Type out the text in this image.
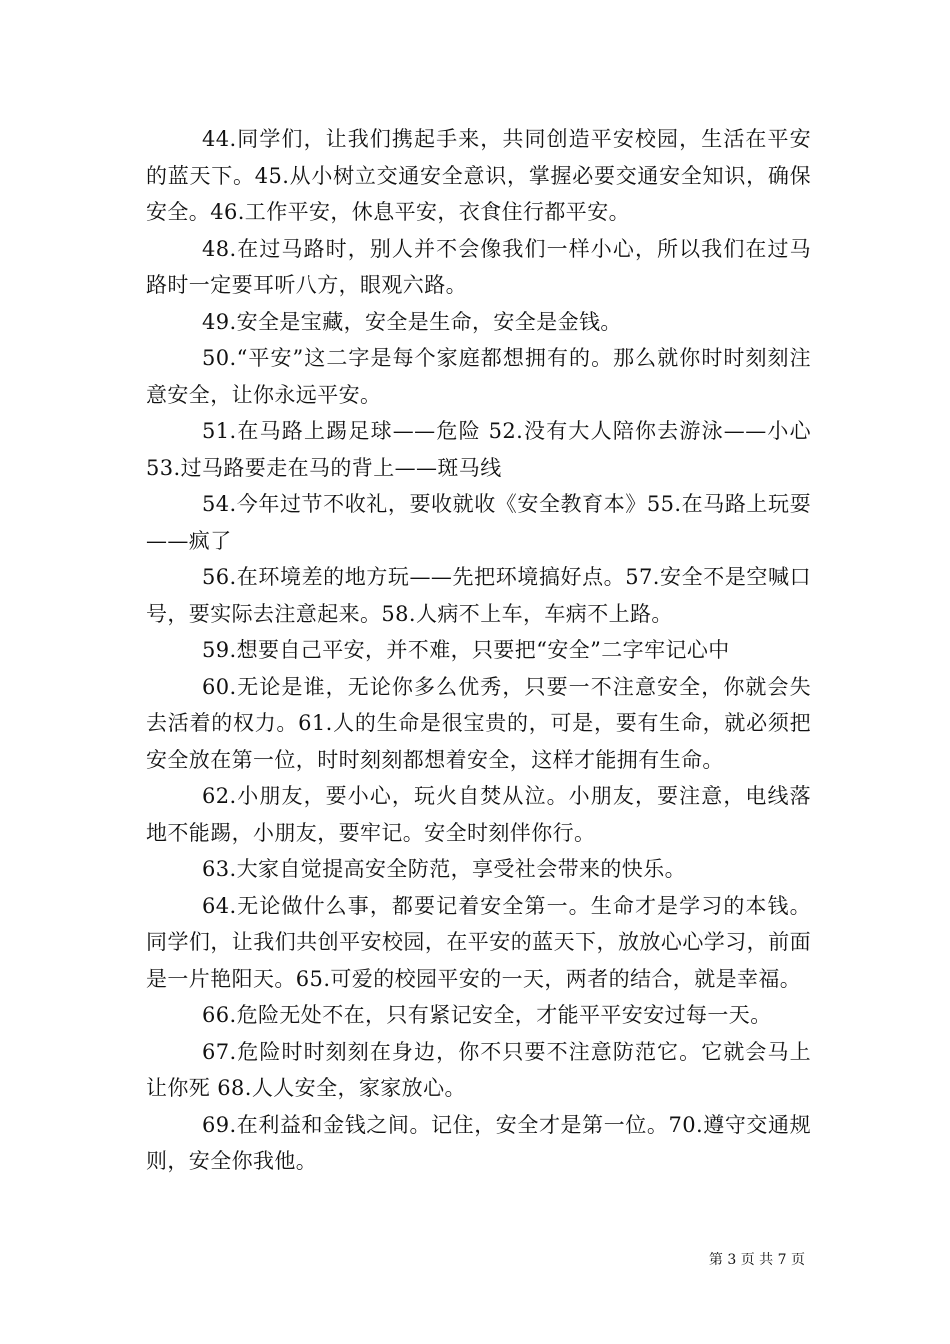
44.同学们，让我们携起手来，共同创造平安校园，生活在平安的蓝天下。45.从小树立交通安全意识，掌握必要交通安全知识，确保安全。46.工作平安，休息平安，衣食住行都平安。

48.在过马路时，别人并不会像我们一样小心，所以我们在过马路时一定要耳听八方，眼观六路。

49.安全是宝藏，安全是生命，安全是金钱。

50.“平安”这二字是每个家庭都想拥有的。那么就你时时刻刻注意安全，让你永远平安。

51.在马路上踢足球——危险 52.没有大人陪你去游泳——小心 53.过马路要走在马的背上——斑马线

54.今年过节不收礼，要收就收《安全教育本》55.在马路上玩耍——疯了

56.在环境差的地方玩——先把环境搞好点。57.安全不是空喊口号，要实际去注意起来。58.人病不上车，车病不上路。

59.想要自己平安，并不难，只要把“安全”二字牢记心中

60.无论是谁，无论你多么优秀，只要一不注意安全，你就会失去活着的权力。61.人的生命是很宝贵的，可是，要有生命，就必须把安全放在第一位，时时刻刻都想着安全，这样才能拥有生命。

62.小朋友，要小心，玩火自焚从泣。小朋友，要注意，电线落地不能踢，小朋友，要牢记。安全时刻伴你行。

63.大家自觉提高安全防范，享受社会带来的快乐。

64.无论做什么事，都要记着安全第一。生命才是学习的本钱。同学们，让我们共创平安校园，在平安的蓝天下，放放心心学习，前面是一片艳阳天。65.可爱的校园平安的一天，两者的结合，就是幸福。

66.危险无处不在，只有紧记安全，才能平平安安过每一天。

67.危险时时刻刻在身边，你不只要不注意防范它。它就会马上让你死 68.人人安全，家家放心。

69.在利益和金钱之间。记住，安全才是第一位。70.遵守交通规则，安全你我他。

第 3 页 共 7 页
